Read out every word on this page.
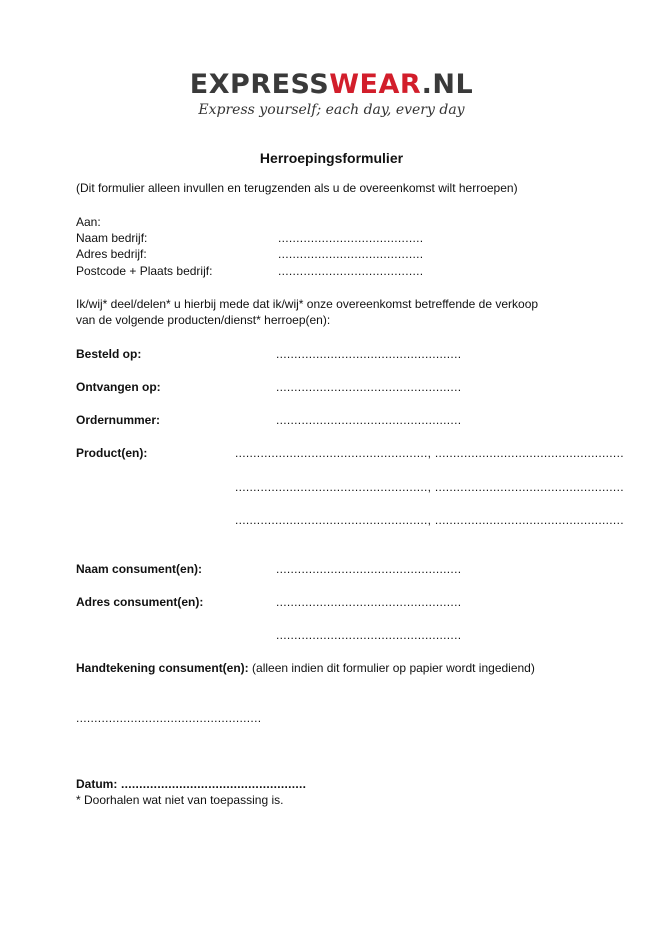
EXPRESSWEAR.NL
Express yourself; each day, every day
Herroepingsformulier
(Dit formulier alleen invullen en terugzenden als u de overeenkomst wilt herroepen)
Aan:
Naam bedrijf:	........................................
Adres bedrijf:	........................................
Postcode + Plaats bedrijf:	........................................
Ik/wij* deel/delen* u hierbij mede dat ik/wij* onze overeenkomst betreffende de verkoop
van de volgende producten/dienst* herroep(en):
Besteld op:	...................................................
Ontvangen op:	...................................................
Ordernummer:	...................................................
Product(en):	....................................................., ....................................................
....................................................., ....................................................
....................................................., ....................................................
Naam consument(en):	...................................................
Adres consument(en):	...................................................
...................................................
Handtekening consument(en): (alleen indien dit formulier op papier wordt ingediend)
...................................................
Datum: ...................................................
* Doorhalen wat niet van toepassing is.
